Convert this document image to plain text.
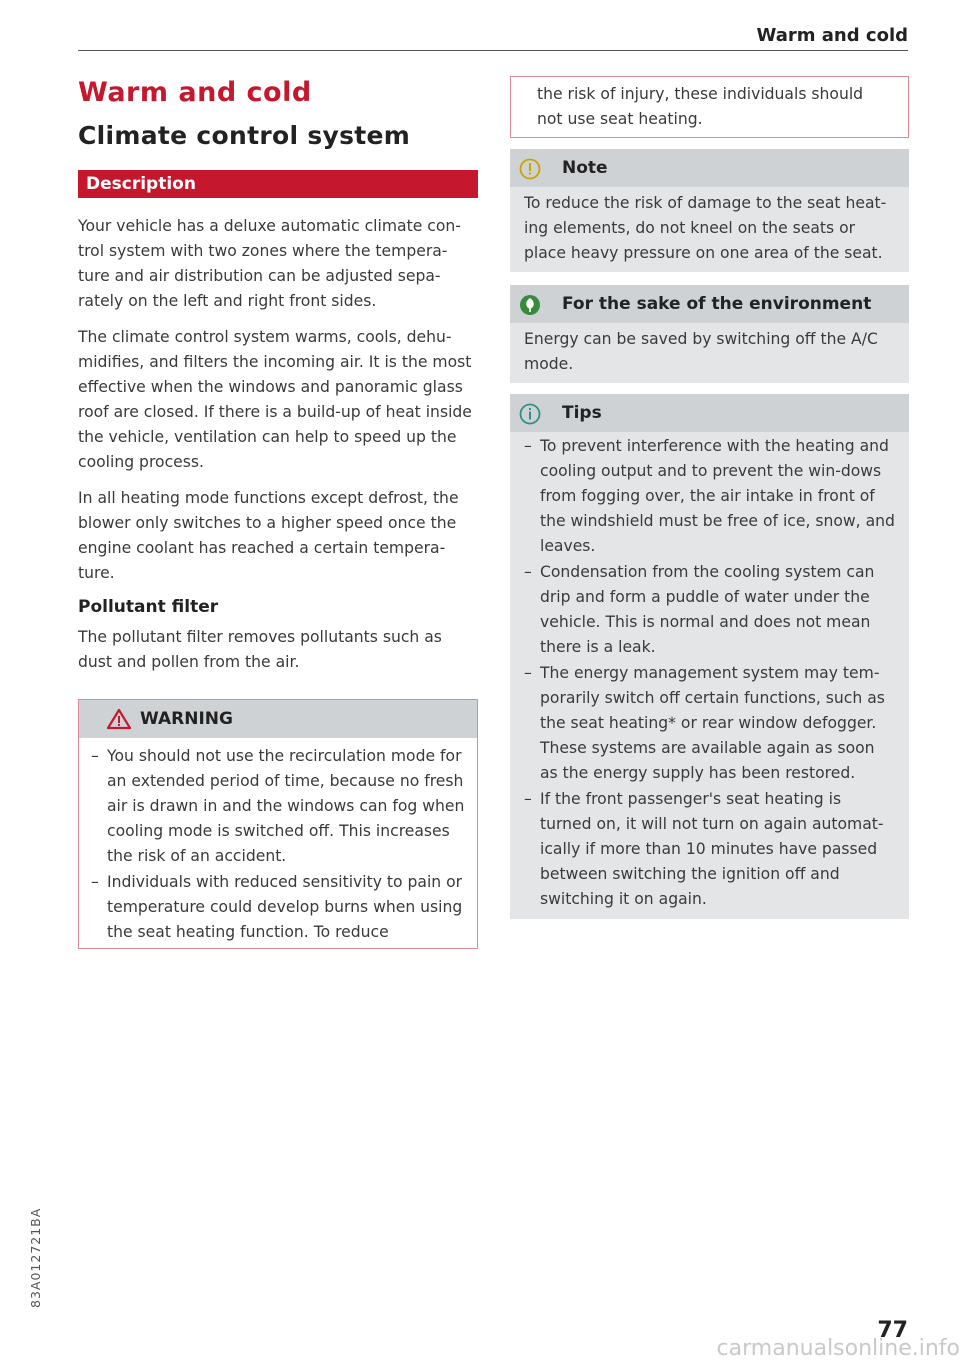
Warm and cold
Warm and cold
Climate control system
Description

Your vehicle has a deluxe automatic climate con-trol system with two zones where the tempera-ture and air distribution can be adjusted sepa-rately on the left and right front sides.

The climate control system warms, cools, dehu-midifies, and filters the incoming air. It is the most effective when the windows and panoramic glass roof are closed. If there is a build-up of heat inside the vehicle, ventilation can help to speed up the cooling process.

In all heating mode functions except defrost, the blower only switches to a higher speed once the engine coolant has reached a certain tempera-ture.

Pollutant filter

The pollutant filter removes pollutants such as dust and pollen from the air.

WARNING
– You should not use the recirculation mode for an extended period of time, because no fresh air is drawn in and the windows can fog when cooling mode is switched off. This increases the risk of an accident.
– Individuals with reduced sensitivity to pain or temperature could develop burns when using the seat heating function. To reduce

the risk of injury, these individuals should not use seat heating.

Note

To reduce the risk of damage to the seat heat-ing elements, do not kneel on the seats or place heavy pressure on one area of the seat.

For the sake of the environment

Energy can be saved by switching off the A/C mode.

Tips
– To prevent interference with the heating and cooling output and to prevent the win-dows from fogging over, the air intake in front of the windshield must be free of ice, snow, and leaves.
– Condensation from the cooling system can drip and form a puddle of water under the vehicle. This is normal and does not mean there is a leak.
– The energy management system may tem-porarily switch off certain functions, such as the seat heating* or rear window defogger. These systems are available again as soon as the energy supply has been restored.
– If the front passenger's seat heating is turned on, it will not turn on again automat-ically if more than 10 minutes have passed between switching the ignition off and switching it on again.
83A012721BA
77
carmanualsonline.info
